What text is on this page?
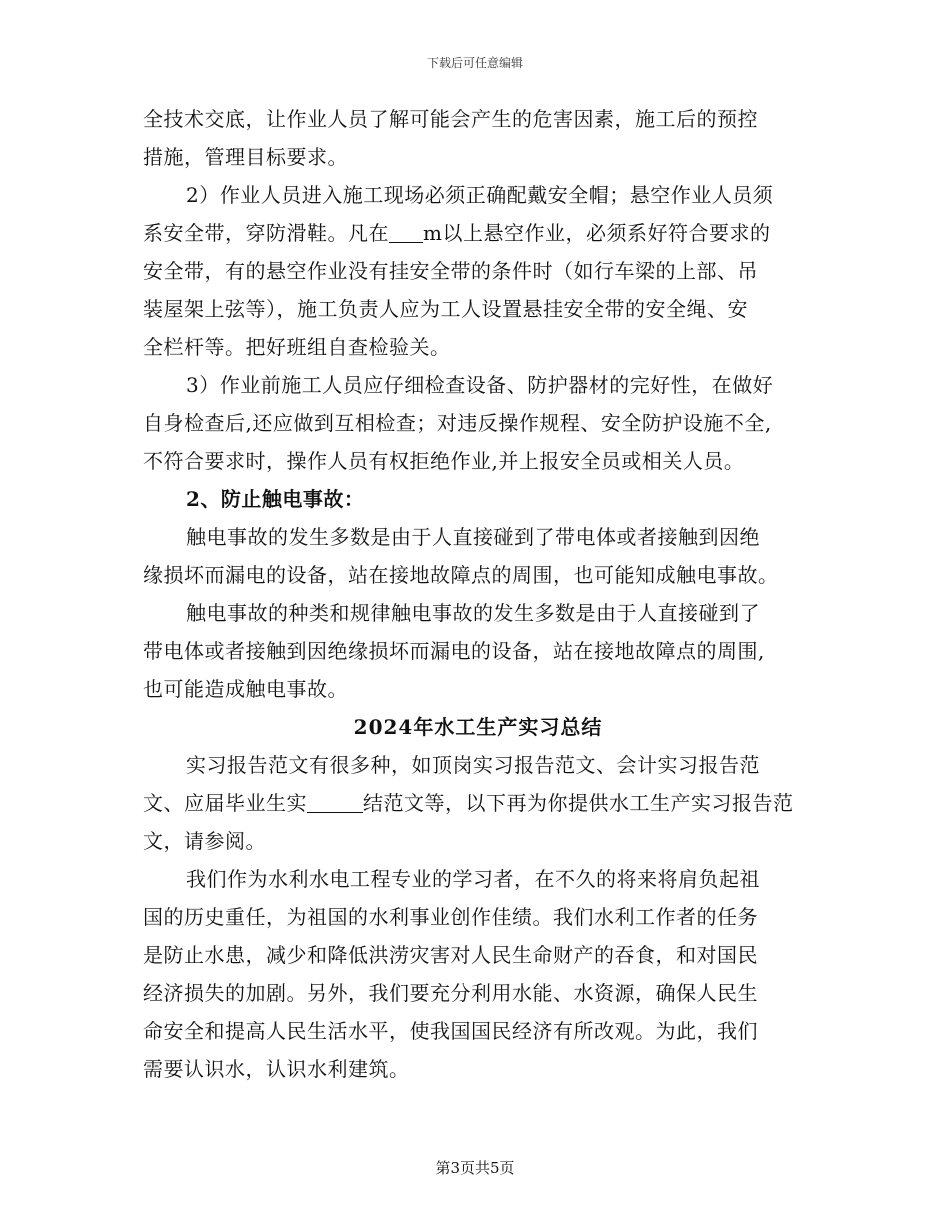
下载后可任意编辑
全技术交底，让作业人员了解可能会产生的危害因素，施工后的预控
措施，管理目标要求。
2）作业人员进入施工现场必须正确配戴安全帽；悬空作业人员须
系安全带，穿防滑鞋。凡在 m以上悬空作业，必须系好符合要求的
安全带，有的悬空作业没有挂安全带的条件时（如行车梁的上部、吊
装屋架上弦等），施工负责人应为工人设置悬挂安全带的安全绳、安
全栏杆等。把好班组自查检验关。
3）作业前施工人员应仔细检查设备、防护器材的完好性，在做好
自身检查后,还应做到互相检查；对违反操作规程、安全防护设施不全,
不符合要求时，操作人员有权拒绝作业,并上报安全员或相关人员。
2、防止触电事故：
触电事故的发生多数是由于人直接碰到了带电体或者接触到因绝
缘损坏而漏电的设备，站在接地故障点的周围，也可能知成触电事故。
触电事故的种类和规律触电事故的发生多数是由于人直接碰到了
带电体或者接触到因绝缘损坏而漏电的设备，站在接地故障点的周围,
也可能造成触电事故。
2024年水工生产实习总结
实习报告范文有很多种，如顶岗实习报告范文、会计实习报告范
文、应届毕业生实	结范文等，以下再为你提供水工生产实习报告范
文，请参阅。
我们作为水利水电工程专业的学习者，在不久的将来将肩负起祖
国的历史重任，为祖国的水利事业创作佳绩。我们水利工作者的任务
是防止水患，减少和降低洪涝灾害对人民生命财产的吞食，和对国民
经济损失的加剧。另外，我们要充分利用水能、水资源，确保人民生
命安全和提高人民生活水平，使我国国民经济有所改观。为此，我们
需要认识水，认识水利建筑。
第3页共5页
